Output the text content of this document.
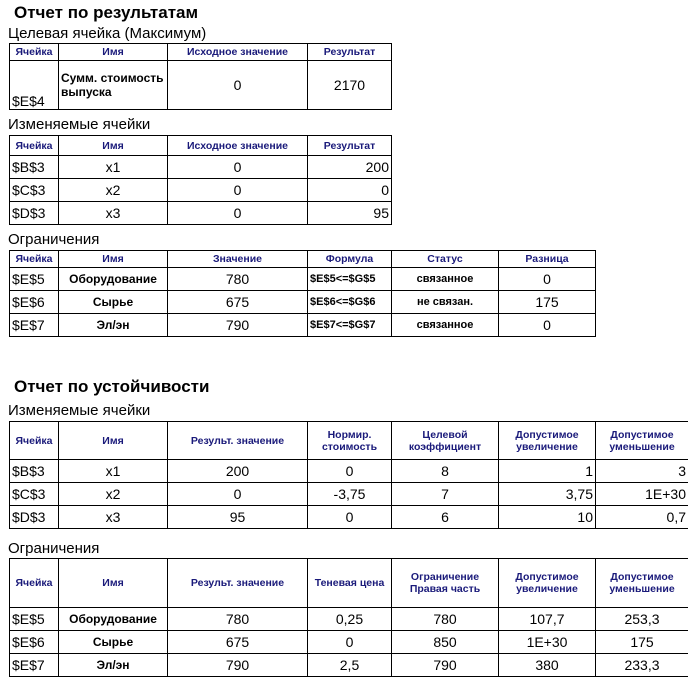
Отчет по результатам
Целевая ячейка (Максимум)
Ячейка	Имя	Исходное значение	Результат
$E$4	Сумм. стоимость выпуска	0	2170
Изменяемые ячейки
Ячейка	Имя	Исходное значение	Результат
$B$3	x1	0	200
$C$3	x2	0	0
$D$3	x3	0	95
Ограничения
Ячейка	Имя	Значение	Формула	Статус	Разница
$E$5	Оборудование	780	$E$5<=$G$5	связанное	0
$E$6	Сырье	675	$E$6<=$G$6	не связан.	175
$E$7	Эл/эн	790	$E$7<=$G$7	связанное	0
Отчет по устойчивости
Изменяемые ячейки
Ячейка	Имя	Результ. значение	Нормир. стоимость	Целевой коэффициент	Допустимое увеличение	Допустимое уменьшение
$B$3	x1	200	0	8	1	3
$C$3	x2	0	-3,75	7	3,75	1E+30
$D$3	x3	95	0	6	10	0,7
Ограничения
Ячейка	Имя	Результ. значение	Теневая цена	Ограничение Правая часть	Допустимое увеличение	Допустимое уменьшение
$E$5	Оборудование	780	0,25	780	107,7	253,3
$E$6	Сырье	675	0	850	1E+30	175
$E$7	Эл/эн	790	2,5	790	380	233,3
